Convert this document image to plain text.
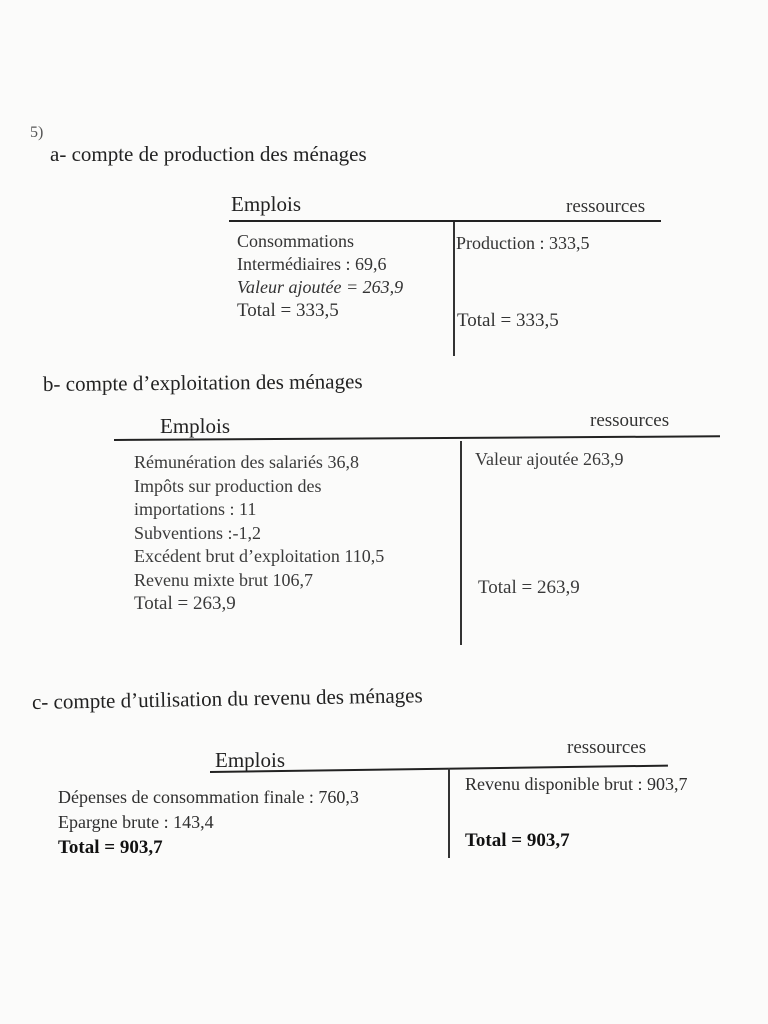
5)
a- compte de production des ménages
Emplois	ressources
Consommations
Intermédiaires : 69,6
Valeur ajoutée = 263,9
Total = 333,5
Production : 333,5
Total = 333,5
b- compte d’exploitation des ménages
Emplois	ressources
Rémunération des salariés 36,8
Impôts sur production des
importations : 11
Subventions :-1,2
Excédent brut d’exploitation 110,5
Revenu mixte brut 106,7
Total = 263,9
Valeur ajoutée 263,9
Total = 263,9
c- compte d’utilisation du revenu des ménages
Emplois
ressources
Dépenses de consommation finale : 760,3
Epargne brute : 143,4
Total = 903,7
Revenu disponible brut : 903,7
Total = 903,7
